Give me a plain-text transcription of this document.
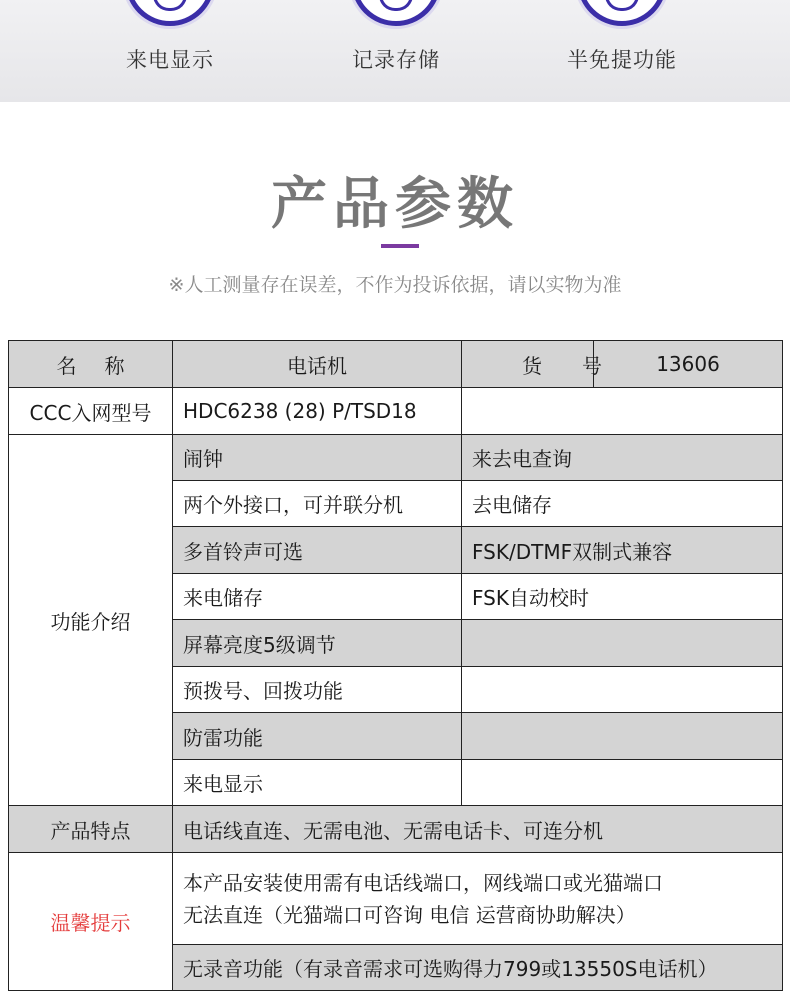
来电显示	记录存储	半免提功能
产品参数
※人工测量存在误差，不作为投诉依据，请以实物为准
名称	电话机	货号	13606
CCC入网型号	HDC6238 (28) P/TSD18		
功能介绍	闹钟	来去电查询	
	两个外接口，可并联分机	去电储存	
	多首铃声可选	FSK/DTMF双制式兼容	
	来电储存	FSK自动校时	
	屏幕亮度5级调节		
	预拨号、回拨功能		
	防雷功能		
	来电显示		
产品特点	电话线直连、无需电池、无需电话卡、可连分机		
温馨提示	本产品安装使用需有电话线端口，网线端口或光猫端口
无法直连（光猫端口可咨询 电信 运营商协助解决）		

	无录音功能（有录音需求可选购得力799或13550S电话机）		
